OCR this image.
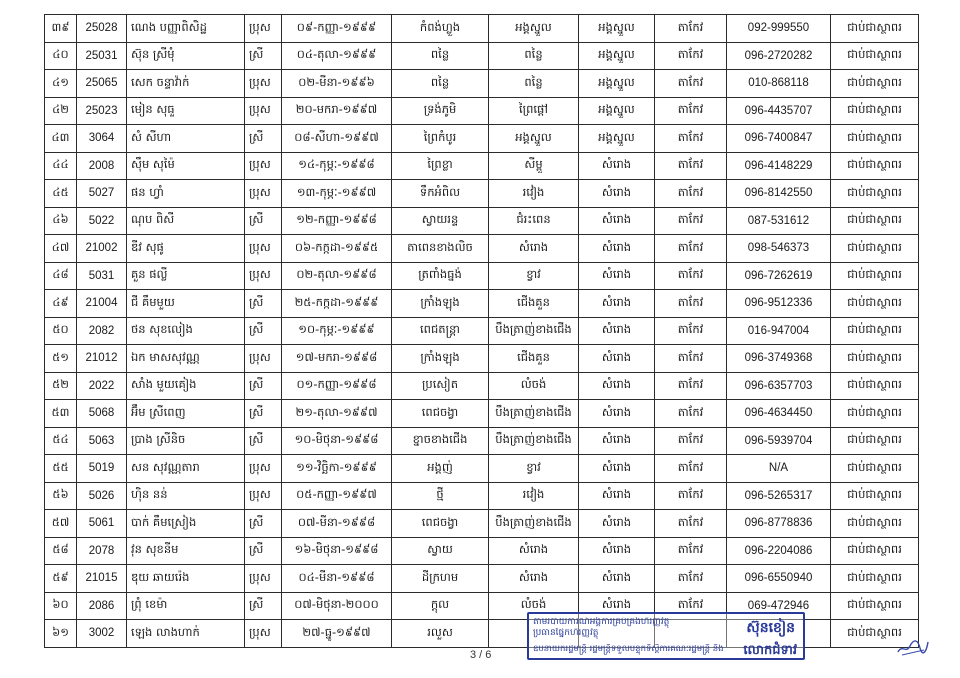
៣៩	25028	ណេង បញ្ញាពិសិដ្ឋ	ប្រុស	០៩-កញ្ញា-១៩៩៩	កំពង់ហ្លួង	អង្គស្នួល	អង្គស្នួល	តាកែវ	092-999550	ជាប់ជាស្ថាពរ
៤០	25031	ស៊ុន ស្រីមុំ	ស្រី	០៤-តុលា-១៩៩៩	ពន្លៃ	ពន្លៃ	អង្គស្នួល	តាកែវ	096-2720282	ជាប់ជាស្ថាពរ
៤១	25065	សេក ចន្ទាវ៉ាក់	ប្រុស	០២-មីនា-១៩៩៦	ពន្លៃ	ពន្លៃ	អង្គស្នួល	តាកែវ	010-868118	ជាប់ជាស្ថាពរ
៤២	25023	មៀន សុធួ	ប្រុស	២០-មករា-១៩៩៧	ទ្រង់ភូមិ	ព្រៃផ្តៅ	អង្គស្នួល	តាកែវ	096-4435707	ជាប់ជាស្ថាពរ
៤៣	3064	សំ សីហា	ស្រី	០៨-សីហា-១៩៩៧	ព្រៃកំបូរ	អង្គស្នួល	អង្គស្នួល	តាកែវ	096-7400847	ជាប់ជាស្ថាពរ
៤៤	2008	ស៊ឹម សុម៉ៃ	ប្រុស	១៤-កុម្ភៈ-១៩៩៨	ព្រៃខ្លា	សីម្ពួ	សំរោង	តាកែវ	096-4148229	ជាប់ជាស្ថាពរ
៤៥	5027	ផន ហ្វាំ	ប្រុស	១៣-កុម្ភៈ-១៩៩៧	ទឹកអំពិល	រវៀង	សំរោង	តាកែវ	096-8142550	ជាប់ជាស្ថាពរ
៤៦	5022	ណុប ពិសី	ស្រី	១២-កញ្ញា-១៩៩៨	ស្វាយរន្ទ	ជំរះពេន	សំរោង	តាកែវ	087-531612	ជាប់ជាស្ថាពរ
៤៧	21002	ឌីវ សុផូ	ប្រុស	០៦-កក្កដា-១៩៩៥	តាពេនខាងលិច	សំរោង	សំរោង	តាកែវ	098-546373	ជាប់ជាស្ថាពរ
៤៨	5031	គួន ផល្លី	ប្រុស	០២-តុលា-១៩៩៨	ត្រពាំងធ្នង់	ខ្វាវ	សំរោង	តាកែវ	096-7262619	ជាប់ជាស្ថាពរ
៤៩	21004	ជី គឹមមួយ	ស្រី	២៥-កក្កដា-១៩៩៩	ក្រាំងឡុង	ជើងគួន	សំរោង	តាកែវ	096-9512336	ជាប់ជាស្ថាពរ
៥០	2082	ថន សុខលៀង	ស្រី	១០-កុម្ភៈ-១៩៩៩	ពេជតន្ត្រា	បឹងត្រាញ់ខាងជើង	សំរោង	តាកែវ	016-947004	ជាប់ជាស្ថាពរ
៥១	21012	ឯក មាសសុវណ្ណ	ប្រុស	១៧-មករា-១៩៩៨	ក្រាំងឡុង	ជើងគួន	សំរោង	តាកែវ	096-3749368	ជាប់ជាស្ថាពរ
៥២	2022	សាំង មួយគៀង	ស្រី	០១-កញ្ញា-១៩៩៨	ប្រសៀត	លំចង់	សំរោង	តាកែវ	096-6357703	ជាប់ជាស្ថាពរ
៥៣	5068	អ៊ឹម ស្រីពេញ	ស្រី	២១-តុលា-១៩៩៧	ពេជចង្វា	បឹងត្រាញ់ខាងជើង	សំរោង	តាកែវ	096-4634450	ជាប់ជាស្ថាពរ
៥៤	5063	ប្រាង ស្រីនិច	ស្រី	១០-មិថុនា-១៩៩៨	ខ្នាចខាងជើង	បឹងត្រាញ់ខាងជើង	សំរោង	តាកែវ	096-5939704	ជាប់ជាស្ថាពរ
៥៥	5019	សន សុវណ្ណតារា	ប្រុស	១១-វិច្ឆិកា-១៩៩៩	អង្គញ់	ខ្វាវ	សំរោង	តាកែវ	N/A	ជាប់ជាស្ថាពរ
៥៦	5026	ហ៊ិន នន់	ប្រុស	០៥-កញ្ញា-១៩៩៧	ថ្មី	រវៀង	សំរោង	តាកែវ	096-5265317	ជាប់ជាស្ថាពរ
៥៧	5061	បាក់ គឹមស្រៀង	ស្រី	០៧-មីនា-១៩៩៨	ពេជចង្វា	បឹងត្រាញ់ខាងជើង	សំរោង	តាកែវ	096-8778836	ជាប់ជាស្ថាពរ
៥៨	2078	វុន សុខនីម	ស្រី	១៦-មិថុនា-១៩៩៨	ស្វាយ	សំរោង	សំរោង	តាកែវ	096-2204086	ជាប់ជាស្ថាពរ
៥៩	21015	ឌុយ ឆាយរ៉េង	ប្រុស	០៤-មីនា-១៩៩៨	ដីក្រហម	សំរោង	សំរោង	តាកែវ	096-6550940	ជាប់ជាស្ថាពរ
៦០	2086	ព្រុំ ខេម៉ា	ស្រី	០៧-មិថុនា-២០០០	ក្តុល	លំចង់	សំរោង	តាកែវ	069-472946	ជាប់ជាស្ថាពរ
៦១	3002	ឡេង លាងហាក់	ប្រុស	២៧-ធ្នូ-១៩៩៧	រលួស					ជាប់ជាស្ថាពរ
3 / 6
តាមរបាយការណ៍អង្គការគ្រប់គ្រងហិរញ្ញវត្ថុ
ប្រធានផ្នែកហិរញ្ញវត្ថុ
ឧបនាយករដ្ឋមន្ត្រី រដ្ឋមន្ត្រីទទួលបន្ទុកទីស្តីការគណៈរដ្ឋមន្ត្រី និង
ស៊ុនខៀន
លោកជំទាវ
